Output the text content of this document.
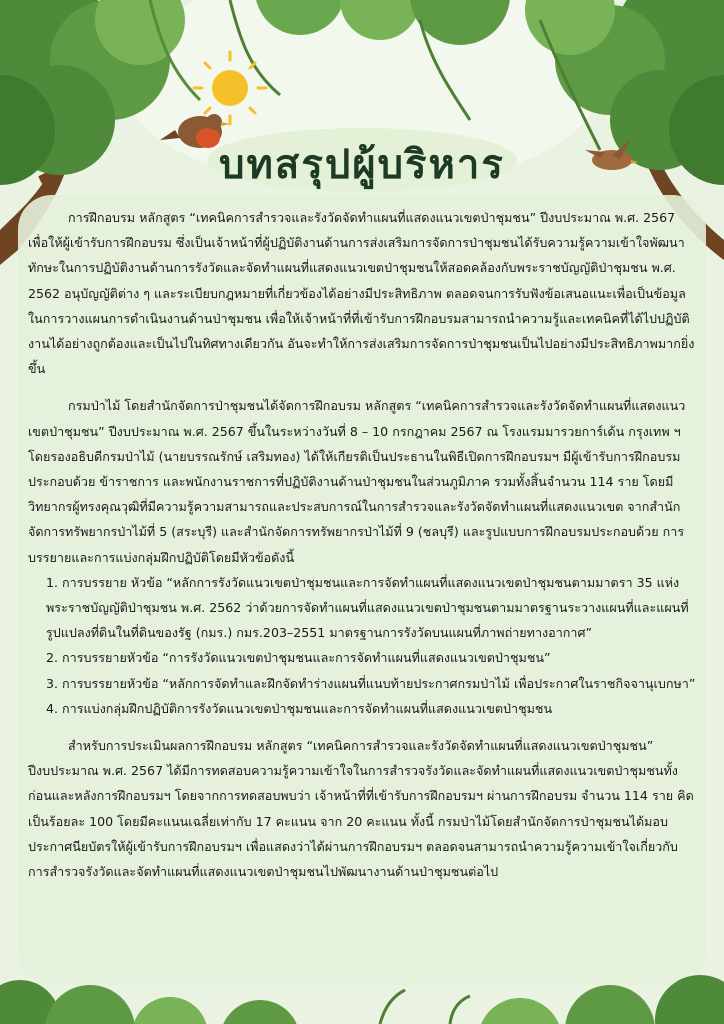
บทสรุปผู้บริหาร

การฝึกอบรม หลักสูตร “เทคนิคการสำรวจและรังวัดจัดทำแผนที่แสดงแนวเขตป่าชุมชน” ปีงบประมาณ พ.ศ. 2567 เพื่อให้ผู้เข้ารับการฝึกอบรม ซึ่งเป็นเจ้าหน้าที่ผู้ปฏิบัติงานด้านการส่งเสริมการจัดการป่าชุมชนได้รับความรู้ความเข้าใจพัฒนาทักษะในการปฏิบัติงานด้านการรังวัดและจัดทำแผนที่แสดงแนวเขตป่าชุมชนให้สอดคล้องกับพระราชบัญญัติป่าชุมชน พ.ศ. 2562 อนุบัญญัติต่าง ๆ และระเบียบกฎหมายที่เกี่ยวข้องได้อย่างมีประสิทธิภาพ ตลอดจนการรับฟังข้อเสนอแนะเพื่อเป็นข้อมูลในการวางแผนการดำเนินงานด้านป่าชุมชน เพื่อให้เจ้าหน้าที่ที่เข้ารับการฝึกอบรมสามารถนำความรู้และเทคนิคที่ได้ไปปฏิบัติงานได้อย่างถูกต้องและเป็นไปในทิศทางเดียวกัน อันจะทำให้การส่งเสริมการจัดการป่าชุมชนเป็นไปอย่างมีประสิทธิภาพมากยิ่งขึ้น

กรมป่าไม้ โดยสำนักจัดการป่าชุมชนได้จัดการฝึกอบรม หลักสูตร “เทคนิคการสำรวจและรังวัดจัดทำแผนที่แสดงแนวเขตป่าชุมชน” ปีงบประมาณ พ.ศ. 2567 ขึ้นในระหว่างวันที่ 8 – 10 กรกฎาคม 2567 ณ โรงแรมมารวยการ์เด้น กรุงเทพ ฯ โดยรองอธิบดีกรมป่าไม้ (นายบรรณรักษ์ เสริมทอง) ได้ให้เกียรติเป็นประธานในพิธีเปิดการฝึกอบรมฯ มีผู้เข้ารับการฝึกอบรมประกอบด้วย ข้าราชการ และพนักงานราชการที่ปฏิบัติงานด้านป่าชุมชนในส่วนภูมิภาค รวมทั้งสิ้นจำนวน 114 ราย โดยมีวิทยากรผู้ทรงคุณวุฒิที่มีความรู้ความสามารถและประสบการณ์ในการสำรวจและรังวัดจัดทำแผนที่แสดงแนวเขต จากสำนักจัดการทรัพยากรป่าไม้ที่ 5 (สระบุรี) และสำนักจัดการทรัพยากรป่าไม้ที่ 9 (ชลบุรี) และรูปแบบการฝึกอบรมประกอบด้วย การบรรยายและการแบ่งกลุ่มฝึกปฏิบัติโดยมีหัวข้อดังนี้

1. การบรรยาย หัวข้อ “หลักการรังวัดแนวเขตป่าชุมชนและการจัดทำแผนที่แสดงแนวเขตป่าชุมชนตามมาตรา 35 แห่งพระราชบัญญัติป่าชุมชน พ.ศ. 2562 ว่าด้วยการจัดทำแผนที่แสดงแนวเขตป่าชุมชนตามมาตรฐานระวางแผนที่และแผนที่รูปแปลงที่ดินในที่ดินของรัฐ (กมร.) กมร.203–2551 มาตรฐานการรังวัดบนแผนที่ภาพถ่ายทางอากาศ”

2. การบรรยายหัวข้อ “การรังวัดแนวเขตป่าชุมชนและการจัดทำแผนที่แสดงแนวเขตป่าชุมชน”

3. การบรรยายหัวข้อ “หลักการจัดทำและฝึกจัดทำร่างแผนที่แนบท้ายประกาศกรมป่าไม้ เพื่อประกาศในราชกิจจานุเบกษา”

4. การแบ่งกลุ่มฝึกปฏิบัติการรังวัดแนวเขตป่าชุมชนและการจัดทำแผนที่แสดงแนวเขตป่าชุมชน

สำหรับการประเมินผลการฝึกอบรม หลักสูตร “เทคนิคการสำรวจและรังวัดจัดทำแผนที่แสดงแนวเขตป่าชุมชน” ปีงบประมาณ พ.ศ. 2567 ได้มีการทดสอบความรู้ความเข้าใจในการสำรวจรังวัดและจัดทำแผนที่แสดงแนวเขตป่าชุมชนทั้งก่อนและหลังการฝึกอบรมฯ โดยจากการทดสอบพบว่า เจ้าหน้าที่ที่เข้ารับการฝึกอบรมฯ ผ่านการฝึกอบรม จำนวน 114 ราย คิดเป็นร้อยละ 100 โดยมีคะแนนเฉลี่ยเท่ากับ 17 คะแนน จาก 20 คะแนน ทั้งนี้ กรมป่าไม้โดยสำนักจัดการป่าชุมชนได้มอบประกาศนียบัตรให้ผู้เข้ารับการฝึกอบรมฯ เพื่อแสดงว่าได้ผ่านการฝึกอบรมฯ ตลอดจนสามารถนำความรู้ความเข้าใจเกี่ยวกับการสำรวจรังวัดและจัดทำแผนที่แสดงแนวเขตป่าชุมชนไปพัฒนางานด้านป่าชุมชนต่อไป
